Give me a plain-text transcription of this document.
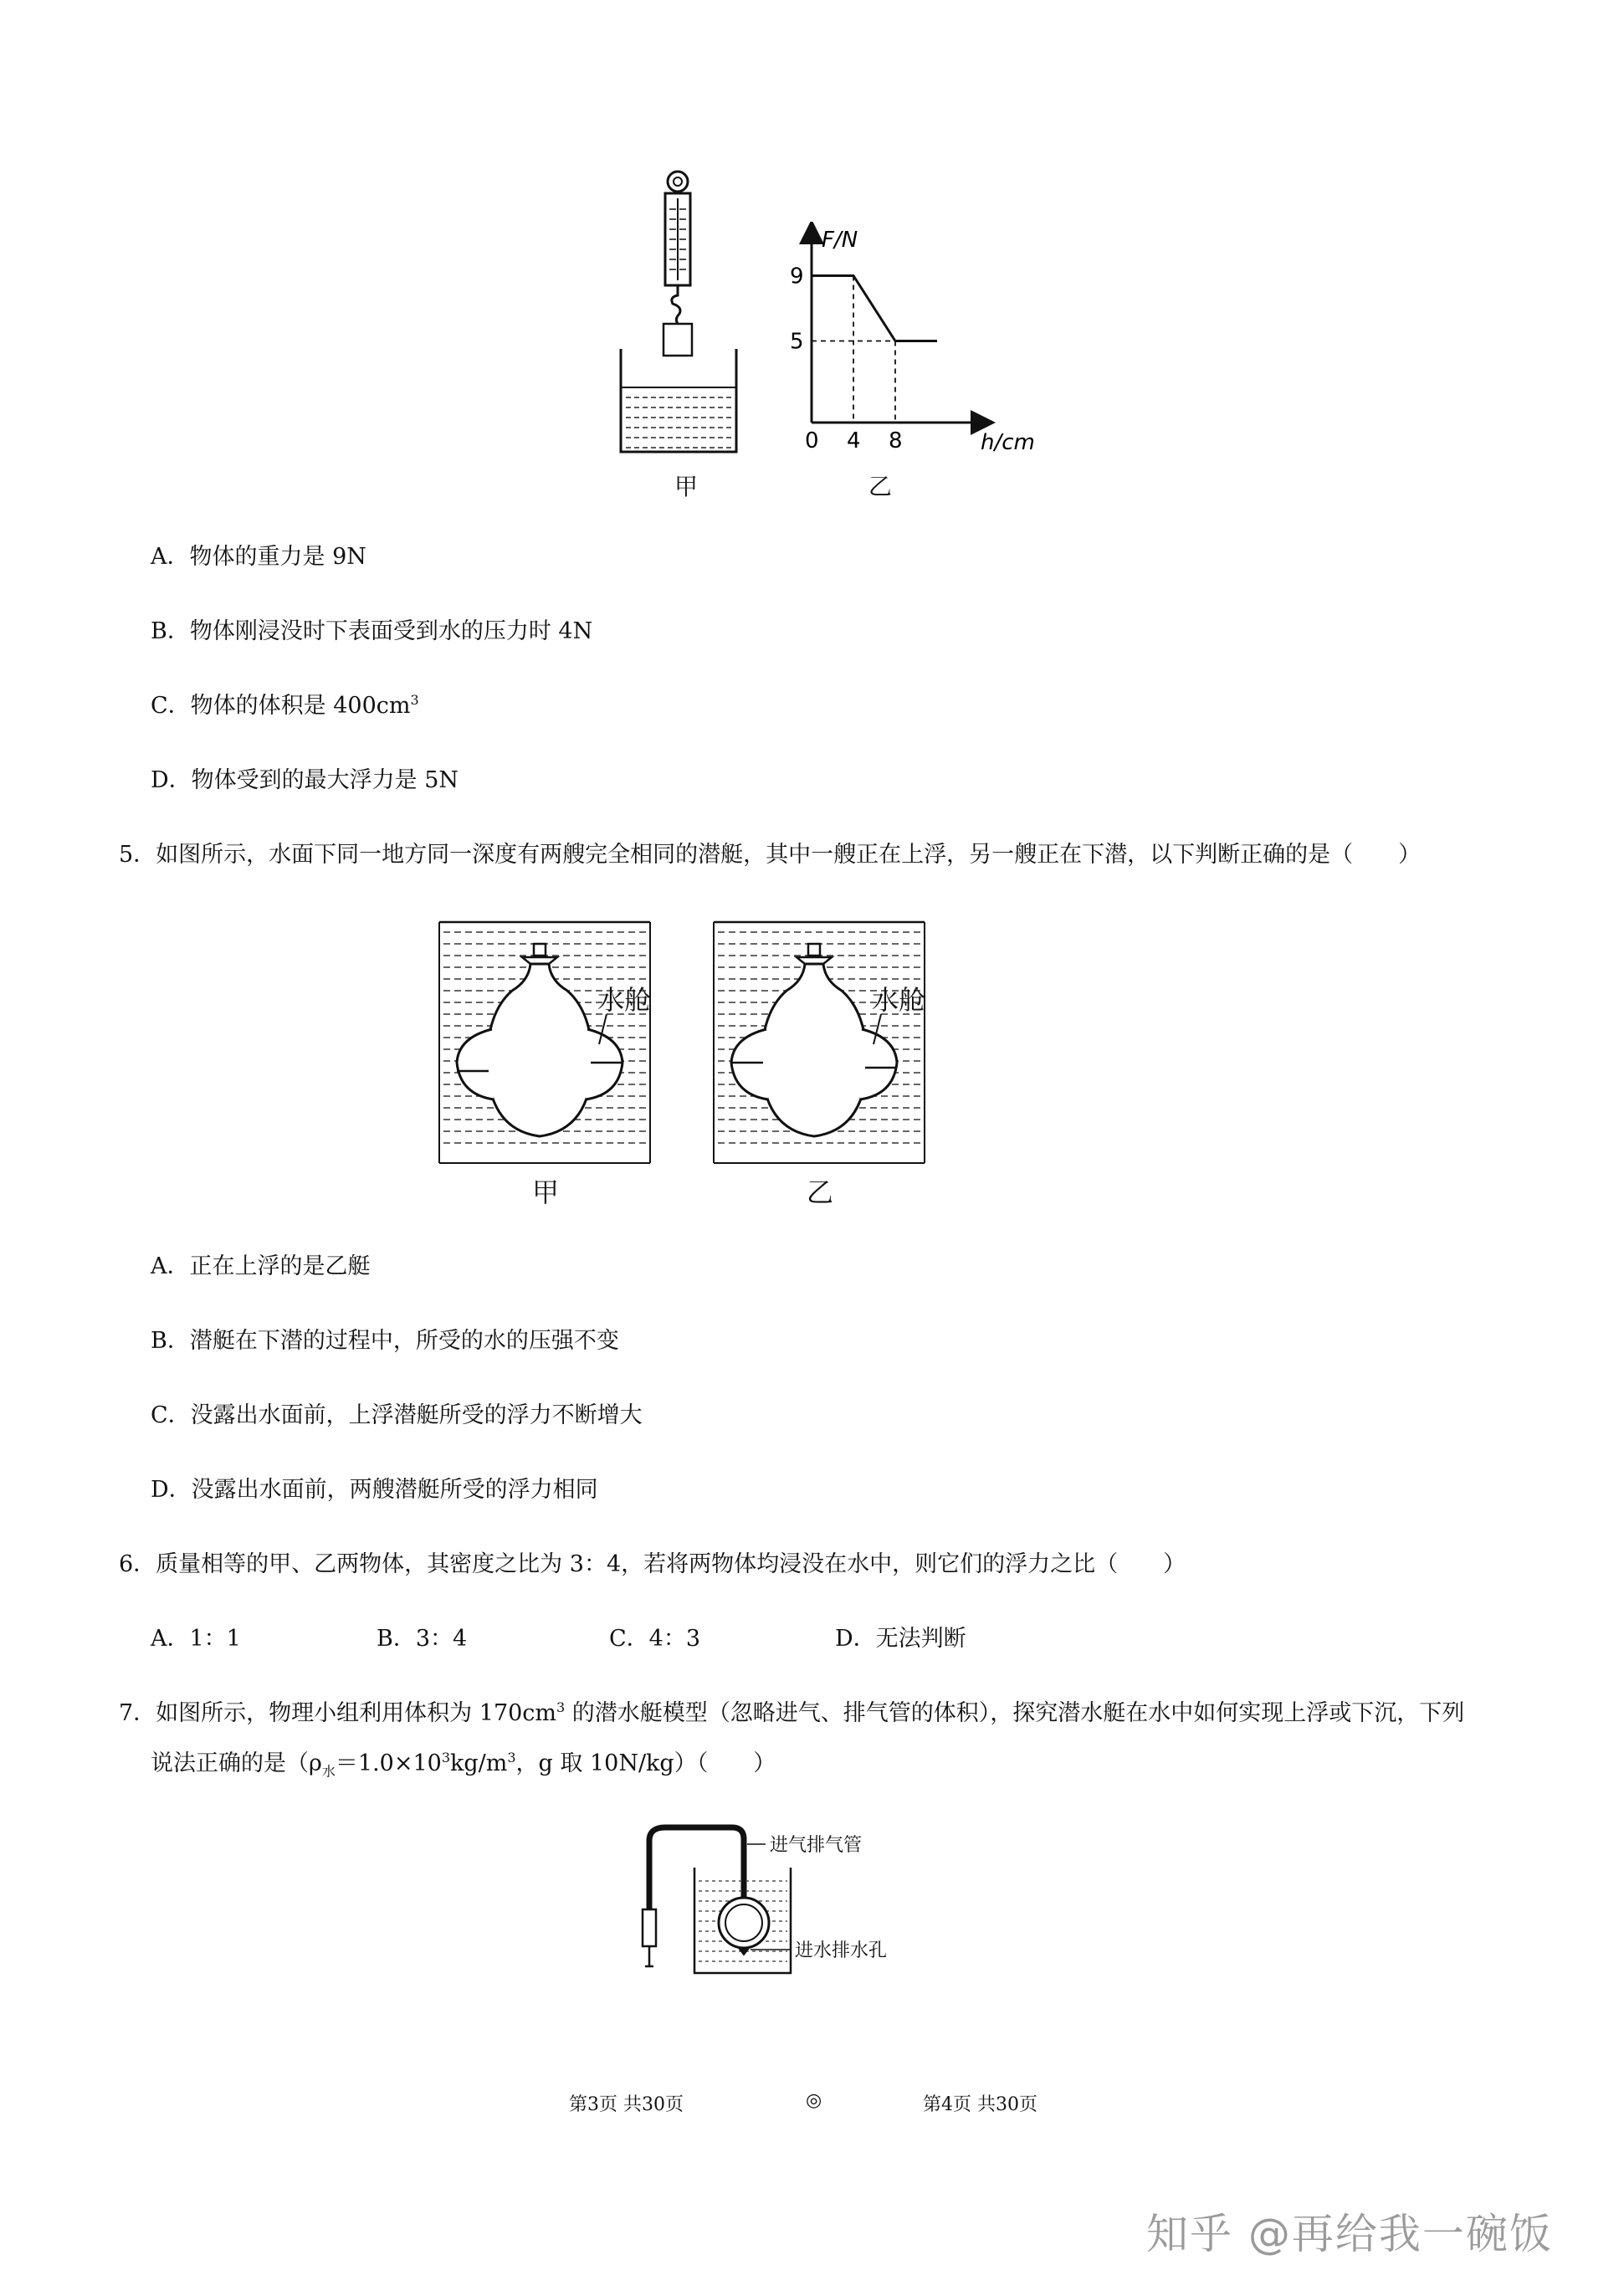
甲
F/N
h/cm
9
5
0 4 8
乙
A．物体的重力是 9N
B．物体刚浸没时下表面受到水的压力时 4N
C．物体的体积是 $400cm^3$
D．物体受到的最大浮力是 5N
5．如图所示，水面下同一地方同一深度有两艘完全相同的潜艇，其中一艘正在上浮，另一艘正在下潜，以下判断正确的是（　　）
水舱
甲
水舱
乙
A．正在上浮的是乙艇
B．潜艇在下潜的过程中，所受的水的压强不变
C．没露出水面前，上浮潜艇所受的浮力不断增大
D．没露出水面前，两艘潜艇所受的浮力相同
6．质量相等的甲、乙两物体，其密度之比为 3：4，若将两物体均浸没在水中，则它们的浮力之比（　　）
A．1：1	B．3：4	C．4：3	D．无法判断
7．如图所示，物理小组利用体积为 $170cm^3$ 的潜水艇模型（忽略进气、排气管的体积），探究潜水艇在水中如何实现上浮或下沉，下列
说法正确的是（$\rho_水=1.0\times 10^3kg/m^3$，g 取 10N/kg）（　　）
进气排气管
进水排水孔
第3页 共30页	◎	第4页 共30页
知乎 @再给我一碗饭
